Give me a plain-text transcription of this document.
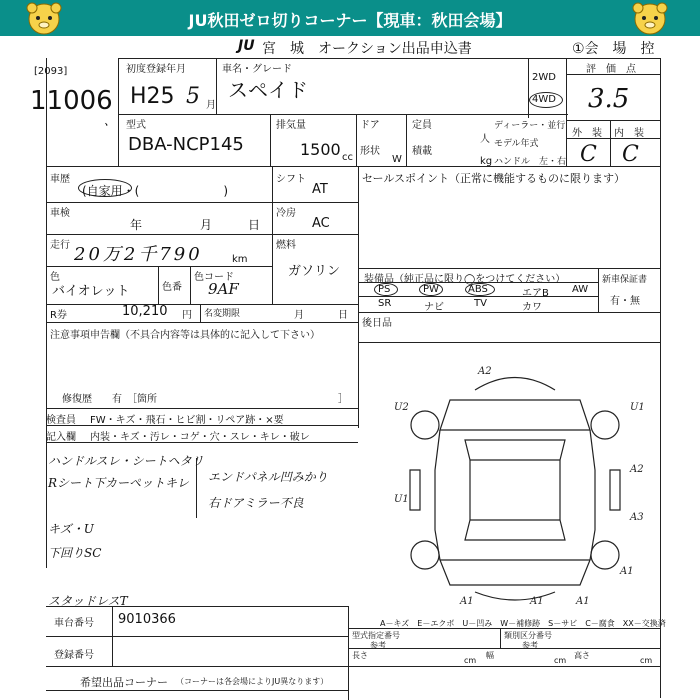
JU秋田ゼロ切りコーナー【現車：秋田会場】
JU 宮　城　オークション出品申込書	①会　場　控
[2093]
11006
、
初度登録年月
H25 5 月
車名・グレード
スペイド
2WD
4WD
評　価　点
3.5
型式
DBA-NCP145
排気量
1500 cc
ドア
形状
W
定員
積載
人
kg
ディーラー・並行
モデル年式
ハンドル　左・右
外　装 内　装
C C
車歴
(自家用・(　　　　　　　)
シフト
AT
セールスポイント（正常に機能するものに限ります）
車検
年	月	日
冷房
AC
走行 20万2千790	km
燃料
ガソリン
色
バイオレット	色番
色コード
9AF
R券	10,210 円 名変期限	月	日
注意事項申告欄（不具合内容等は具体的に記入して下さい）
修復歴　　有　［箇所	］
装備品（純正品に限り◯をつけてください）	新車保証書
有・無
PS	PW	ABS	エアB AW
SR	ナビ	TV	カワ
後日品
検査員 FW・キズ・飛石・ヒビ割・リペア跡・×要
記入欄 内装・キズ・汚レ・コゲ・穴・スレ・キレ・破レ
ハンドルスレ・シートヘタリ
Rシート下カーペットキレ
キズ・U
下回りSC
スタッドレスT
エンドパネル凹みかり
右ドアミラー不良
A2
U2	U1
A2
U1
A3
A1
A1	A1	A1
A－キズ　E－エクボ　U－凹み　W－補修跡　S－サビ　C－腐食　XX－交換済
車台番号 9010366
登録番号
型式指定番号
参考
類別区分番号
参考
長さ
cm
幅
cm
高さ
cm
希望出品コーナー （コーナーは各会場によりJU異なります）
